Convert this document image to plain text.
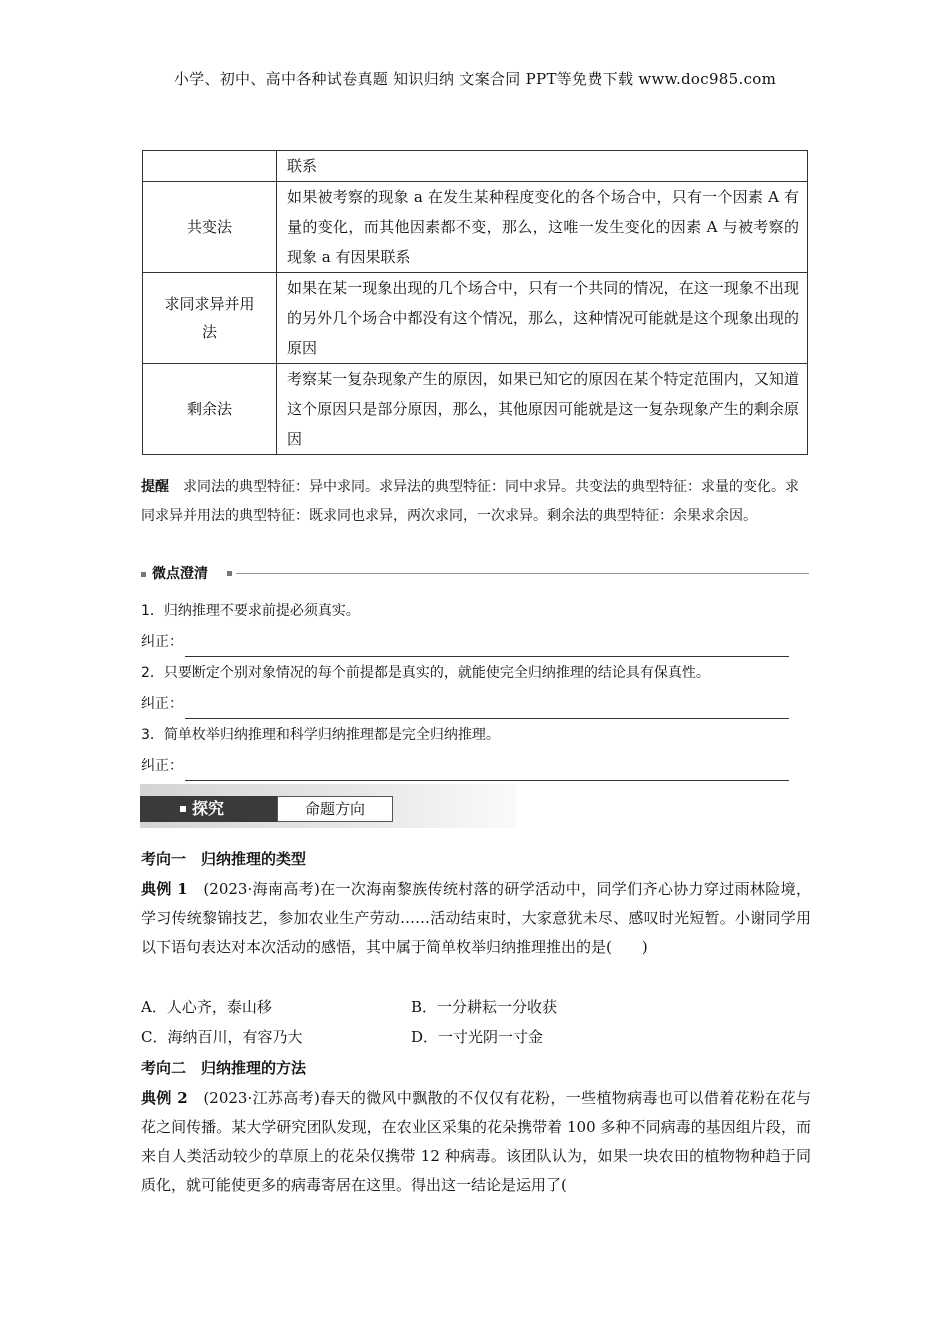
小学、初中、高中各种试卷真题 知识归纳 文案合同 PPT等免费下载 www.doc985.com
	联系
共变法	如果被考察的现象 a 在发生某种程度变化的各个场合中，只有一个因素 A 有量的变化，而其他因素都不变，那么，这唯一发生变化的因素 A 与被考察的现象 a 有因果联系
求同求异并用法	如果在某一现象出现的几个场合中，只有一个共同的情况，在这一现象不出现的另外几个场合中都没有这个情况，那么，这种情况可能就是这个现象出现的原因
剩余法	考察某一复杂现象产生的原因，如果已知它的原因在某个特定范围内，又知道这个原因只是部分原因，那么，其他原因可能就是这一复杂现象产生的剩余原因
提醒 求同法的典型特征：异中求同。求异法的典型特征：同中求异。共变法的典型特征：求量的变化。求同求异并用法的典型特征：既求同也求异，两次求同，一次求异。剩余法的典型特征：余果求余因。
微点澄清
1．归纳推理不要求前提必须真实。
纠正：
2．只要断定个别对象情况的每个前提都是真实的，就能使完全归纳推理的结论具有保真性。
纠正：
3．简单枚举归纳推理和科学归纳推理都是完全归纳推理。
纠正：
探究	命题方向
考向一　归纳推理的类型
典例 1　 (2023·海南高考)在一次海南黎族传统村落的研学活动中，同学们齐心协力穿过雨林险境，学习传统黎锦技艺，参加农业生产劳动……活动结束时，大家意犹未尽、感叹时光短暂。小谢同学用以下语句表达对本次活动的感悟，其中属于简单枚举归纳推理推出的是(　　)
A．人心齐，泰山移	B．一分耕耘一分收获
C．海纳百川，有容乃大	D．一寸光阴一寸金
考向二　归纳推理的方法
典例 2　 (2023·江苏高考)春天的微风中飘散的不仅仅有花粉，一些植物病毒也可以借着花粉在花与花之间传播。某大学研究团队发现，在农业区采集的花朵携带着 100 多种不同病毒的基因组片段，而来自人类活动较少的草原上的花朵仅携带 12 种病毒。该团队认为，如果一块农田的植物物种趋于同质化，就可能使更多的病毒寄居在这里。得出这一结论是运用了(
